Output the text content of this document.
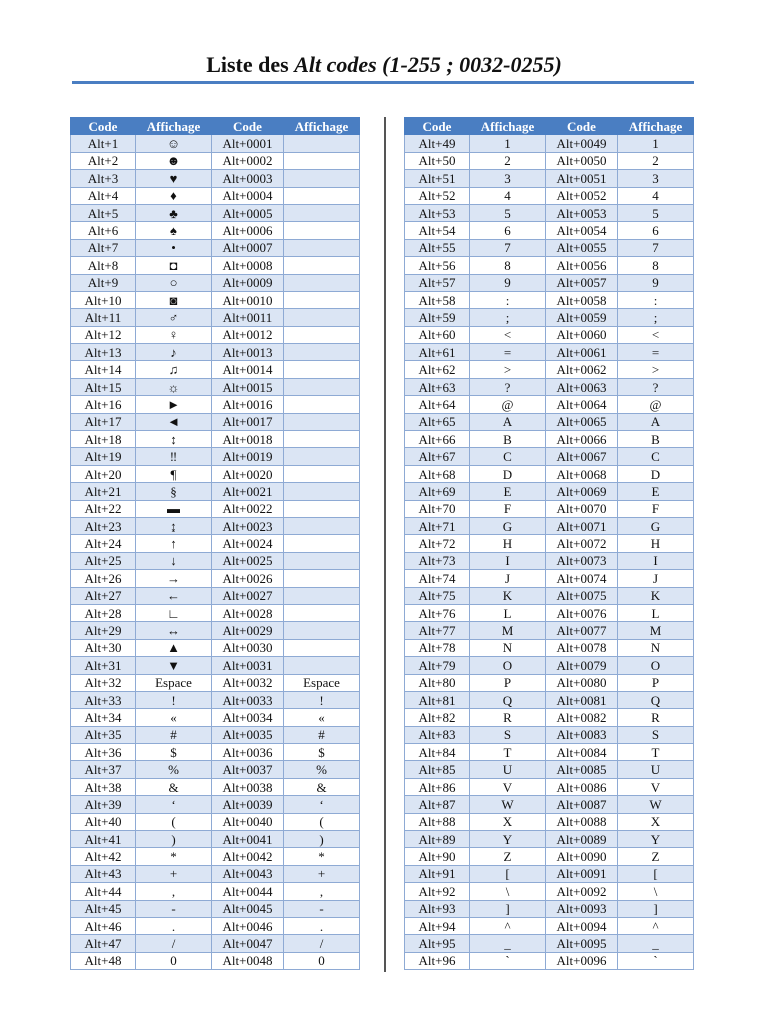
Liste des Alt codes (1-255 ; 0032-0255)
Code	Affichage	Code	Affichage
Alt+1	☺	Alt+0001	
Alt+2	☻	Alt+0002	
Alt+3	♥	Alt+0003	
Alt+4	♦	Alt+0004	
Alt+5	♣	Alt+0005	
Alt+6	♠	Alt+0006	
Alt+7	•	Alt+0007	
Alt+8	◘	Alt+0008	
Alt+9	○	Alt+0009	
Alt+10	◙	Alt+0010	
Alt+11	♂	Alt+0011	
Alt+12	♀	Alt+0012	
Alt+13	♪	Alt+0013	
Alt+14	♫	Alt+0014	
Alt+15	☼	Alt+0015	
Alt+16	►	Alt+0016	
Alt+17	◄	Alt+0017	
Alt+18	↕	Alt+0018	
Alt+19	‼	Alt+0019	
Alt+20	¶	Alt+0020	
Alt+21	§	Alt+0021	
Alt+22	▬	Alt+0022	
Alt+23	↨	Alt+0023	
Alt+24	↑	Alt+0024	
Alt+25	↓	Alt+0025	
Alt+26	→	Alt+0026	
Alt+27	←	Alt+0027	
Alt+28	∟	Alt+0028	
Alt+29	↔	Alt+0029	
Alt+30	▲	Alt+0030	
Alt+31	▼	Alt+0031	
Alt+32	Espace	Alt+0032	Espace
Alt+33	!	Alt+0033	!
Alt+34	«	Alt+0034	«
Alt+35	#	Alt+0035	#
Alt+36	$	Alt+0036	$
Alt+37	%	Alt+0037	%
Alt+38	&	Alt+0038	&
Alt+39	‘	Alt+0039	‘
Alt+40	(	Alt+0040	(
Alt+41	)	Alt+0041	)
Alt+42	*	Alt+0042	*
Alt+43	+	Alt+0043	+
Alt+44	,	Alt+0044	,
Alt+45	-	Alt+0045	-
Alt+46	.	Alt+0046	.
Alt+47	/	Alt+0047	/
Alt+48	0	Alt+0048	0
Code	Affichage	Code	Affichage
Alt+49	1	Alt+0049	1
Alt+50	2	Alt+0050	2
Alt+51	3	Alt+0051	3
Alt+52	4	Alt+0052	4
Alt+53	5	Alt+0053	5
Alt+54	6	Alt+0054	6
Alt+55	7	Alt+0055	7
Alt+56	8	Alt+0056	8
Alt+57	9	Alt+0057	9
Alt+58	:	Alt+0058	:
Alt+59	;	Alt+0059	;
Alt+60	<	Alt+0060	<
Alt+61	=	Alt+0061	=
Alt+62	>	Alt+0062	>
Alt+63	?	Alt+0063	?
Alt+64	@	Alt+0064	@
Alt+65	A	Alt+0065	A
Alt+66	B	Alt+0066	B
Alt+67	C	Alt+0067	C
Alt+68	D	Alt+0068	D
Alt+69	E	Alt+0069	E
Alt+70	F	Alt+0070	F
Alt+71	G	Alt+0071	G
Alt+72	H	Alt+0072	H
Alt+73	I	Alt+0073	I
Alt+74	J	Alt+0074	J
Alt+75	K	Alt+0075	K
Alt+76	L	Alt+0076	L
Alt+77	M	Alt+0077	M
Alt+78	N	Alt+0078	N
Alt+79	O	Alt+0079	O
Alt+80	P	Alt+0080	P
Alt+81	Q	Alt+0081	Q
Alt+82	R	Alt+0082	R
Alt+83	S	Alt+0083	S
Alt+84	T	Alt+0084	T
Alt+85	U	Alt+0085	U
Alt+86	V	Alt+0086	V
Alt+87	W	Alt+0087	W
Alt+88	X	Alt+0088	X
Alt+89	Y	Alt+0089	Y
Alt+90	Z	Alt+0090	Z
Alt+91	[	Alt+0091	[
Alt+92	\	Alt+0092	\
Alt+93	]	Alt+0093	]
Alt+94	^	Alt+0094	^
Alt+95	_	Alt+0095	_
Alt+96	`	Alt+0096	`
